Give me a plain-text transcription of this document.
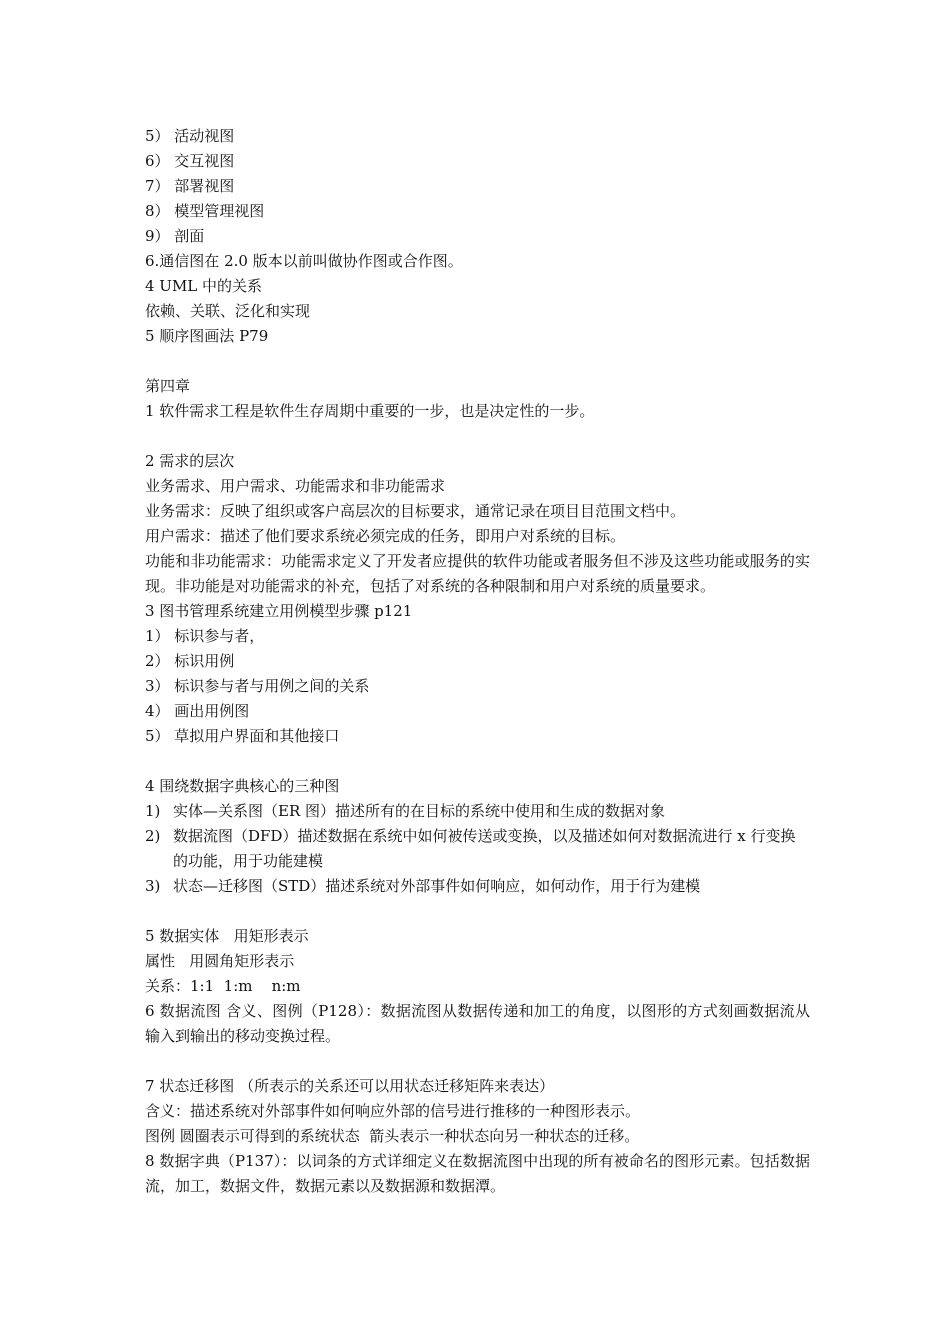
5） 活动视图
6） 交互视图
7） 部署视图
8） 模型管理视图
9） 剖面
6.通信图在 2.0 版本以前叫做协作图或合作图。
4 UML 中的关系
依赖、关联、泛化和实现
5 顺序图画法 P79
第四章
1 软件需求工程是软件生存周期中重要的一步，也是决定性的一步。
2 需求的层次
业务需求、用户需求、功能需求和非功能需求
业务需求：反映了组织或客户高层次的目标要求，通常记录在项目目范围文档中。
用户需求：描述了他们要求系统必须完成的任务，即用户对系统的目标。
功能和非功能需求：功能需求定义了开发者应提供的软件功能或者服务但不涉及这些功能或服务的实现。非功能是对功能需求的补充，包括了对系统的各种限制和用户对系统的质量要求。
3 图书管理系统建立用例模型步骤 p121
1） 标识参与者，
2） 标识用例
3） 标识参与者与用例之间的关系
4） 画出用例图
5） 草拟用户界面和其他接口
4 围绕数据字典核心的三种图
1) 实体—关系图（ER 图）描述所有的在目标的系统中使用和生成的数据对象
2) 数据流图（DFD）描述数据在系统中如何被传送或变换，以及描述如何对数据流进行 x 行变换的功能，用于功能建模
3) 状态—迁移图（STD）描述系统对外部事件如何响应，如何动作，用于行为建模
5 数据实体   用矩形表示
属性   用圆角矩形表示
关系：1:1  1:m    n:m
6 数据流图 含义、图例（P128）：数据流图从数据传递和加工的角度，以图形的方式刻画数据流从输入到输出的移动变换过程。
7 状态迁移图 （所表示的关系还可以用状态迁移矩阵来表达）
含义：描述系统对外部事件如何响应外部的信号进行推移的一种图形表示。
图例 圆圈表示可得到的系统状态  箭头表示一种状态向另一种状态的迁移。
8 数据字典（P137）：以词条的方式详细定义在数据流图中出现的所有被命名的图形元素。包括数据流，加工，数据文件，数据元素以及数据源和数据潭。
